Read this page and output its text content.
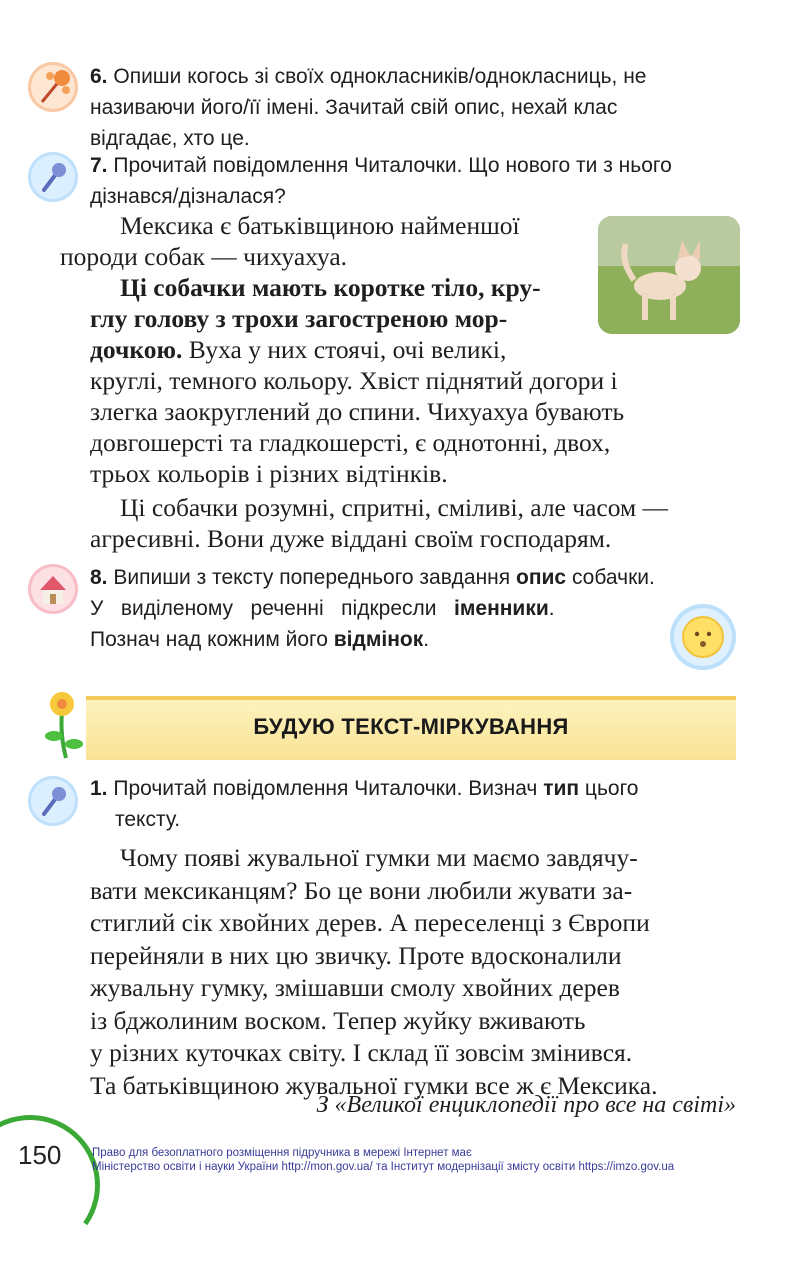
6. Опиши когось зі своїх однокласників/однокласниць, не
називаючи його/її імені. Зачитай свій опис, нехай клас
відгадає, хто це.
7. Прочитай повідомлення Читалочки. Що нового ти з нього
дізнався/дізналася?
Мексика є батьківщиною найменшої
породи собак — чихуахуа.
Ці собачки мають коротке тіло, кру-
глу голову з трохи загостреною мор-
дочкою. Вуха у них стоячі, очі великі,
круглі, темного кольору. Хвіст піднятий догори і
злегка заокруглений до спини. Чихуахуа бувають
довгошерсті та гладкошерсті, є однотонні, двох,
трьох кольорів і різних відтінків.
Ці собачки розумні, спритні, сміливі, але часом —
агресивні. Вони дуже віддані своїм господарям.
8. Випиши з тексту попереднього завдання опис собачки.
У   виділеному   реченні   підкресли   іменники.
Познач над кожним його відмінок.
БУДУЮ ТЕКСТ-МІРКУВАННЯ
1. Прочитай повідомлення Читалочки. Визнач тип цього
тексту.
Чому появі жувальної гумки ми маємо завдячу-
вати мексиканцям? Бо це вони любили жувати за-
стиглий сік хвойних дерев. А переселенці з Європи
перейняли в них цю звичку. Проте вдосконалили
жувальну гумку, змішавши смолу хвойних дерев
із бджолиним воском. Тепер жуйку вживають
у різних куточках світу. І склад її зовсім змінився.
Та батьківщиною жувальної гумки все ж є Мексика.
З «Великої енциклопедії про все на світі»
150	Право для безоплатного розміщення підручника в мережі Інтернет має
Міністерство освіти і науки України http://mon.gov.ua/ та Інститут модернізації змісту освіти https://imzo.gov.ua
